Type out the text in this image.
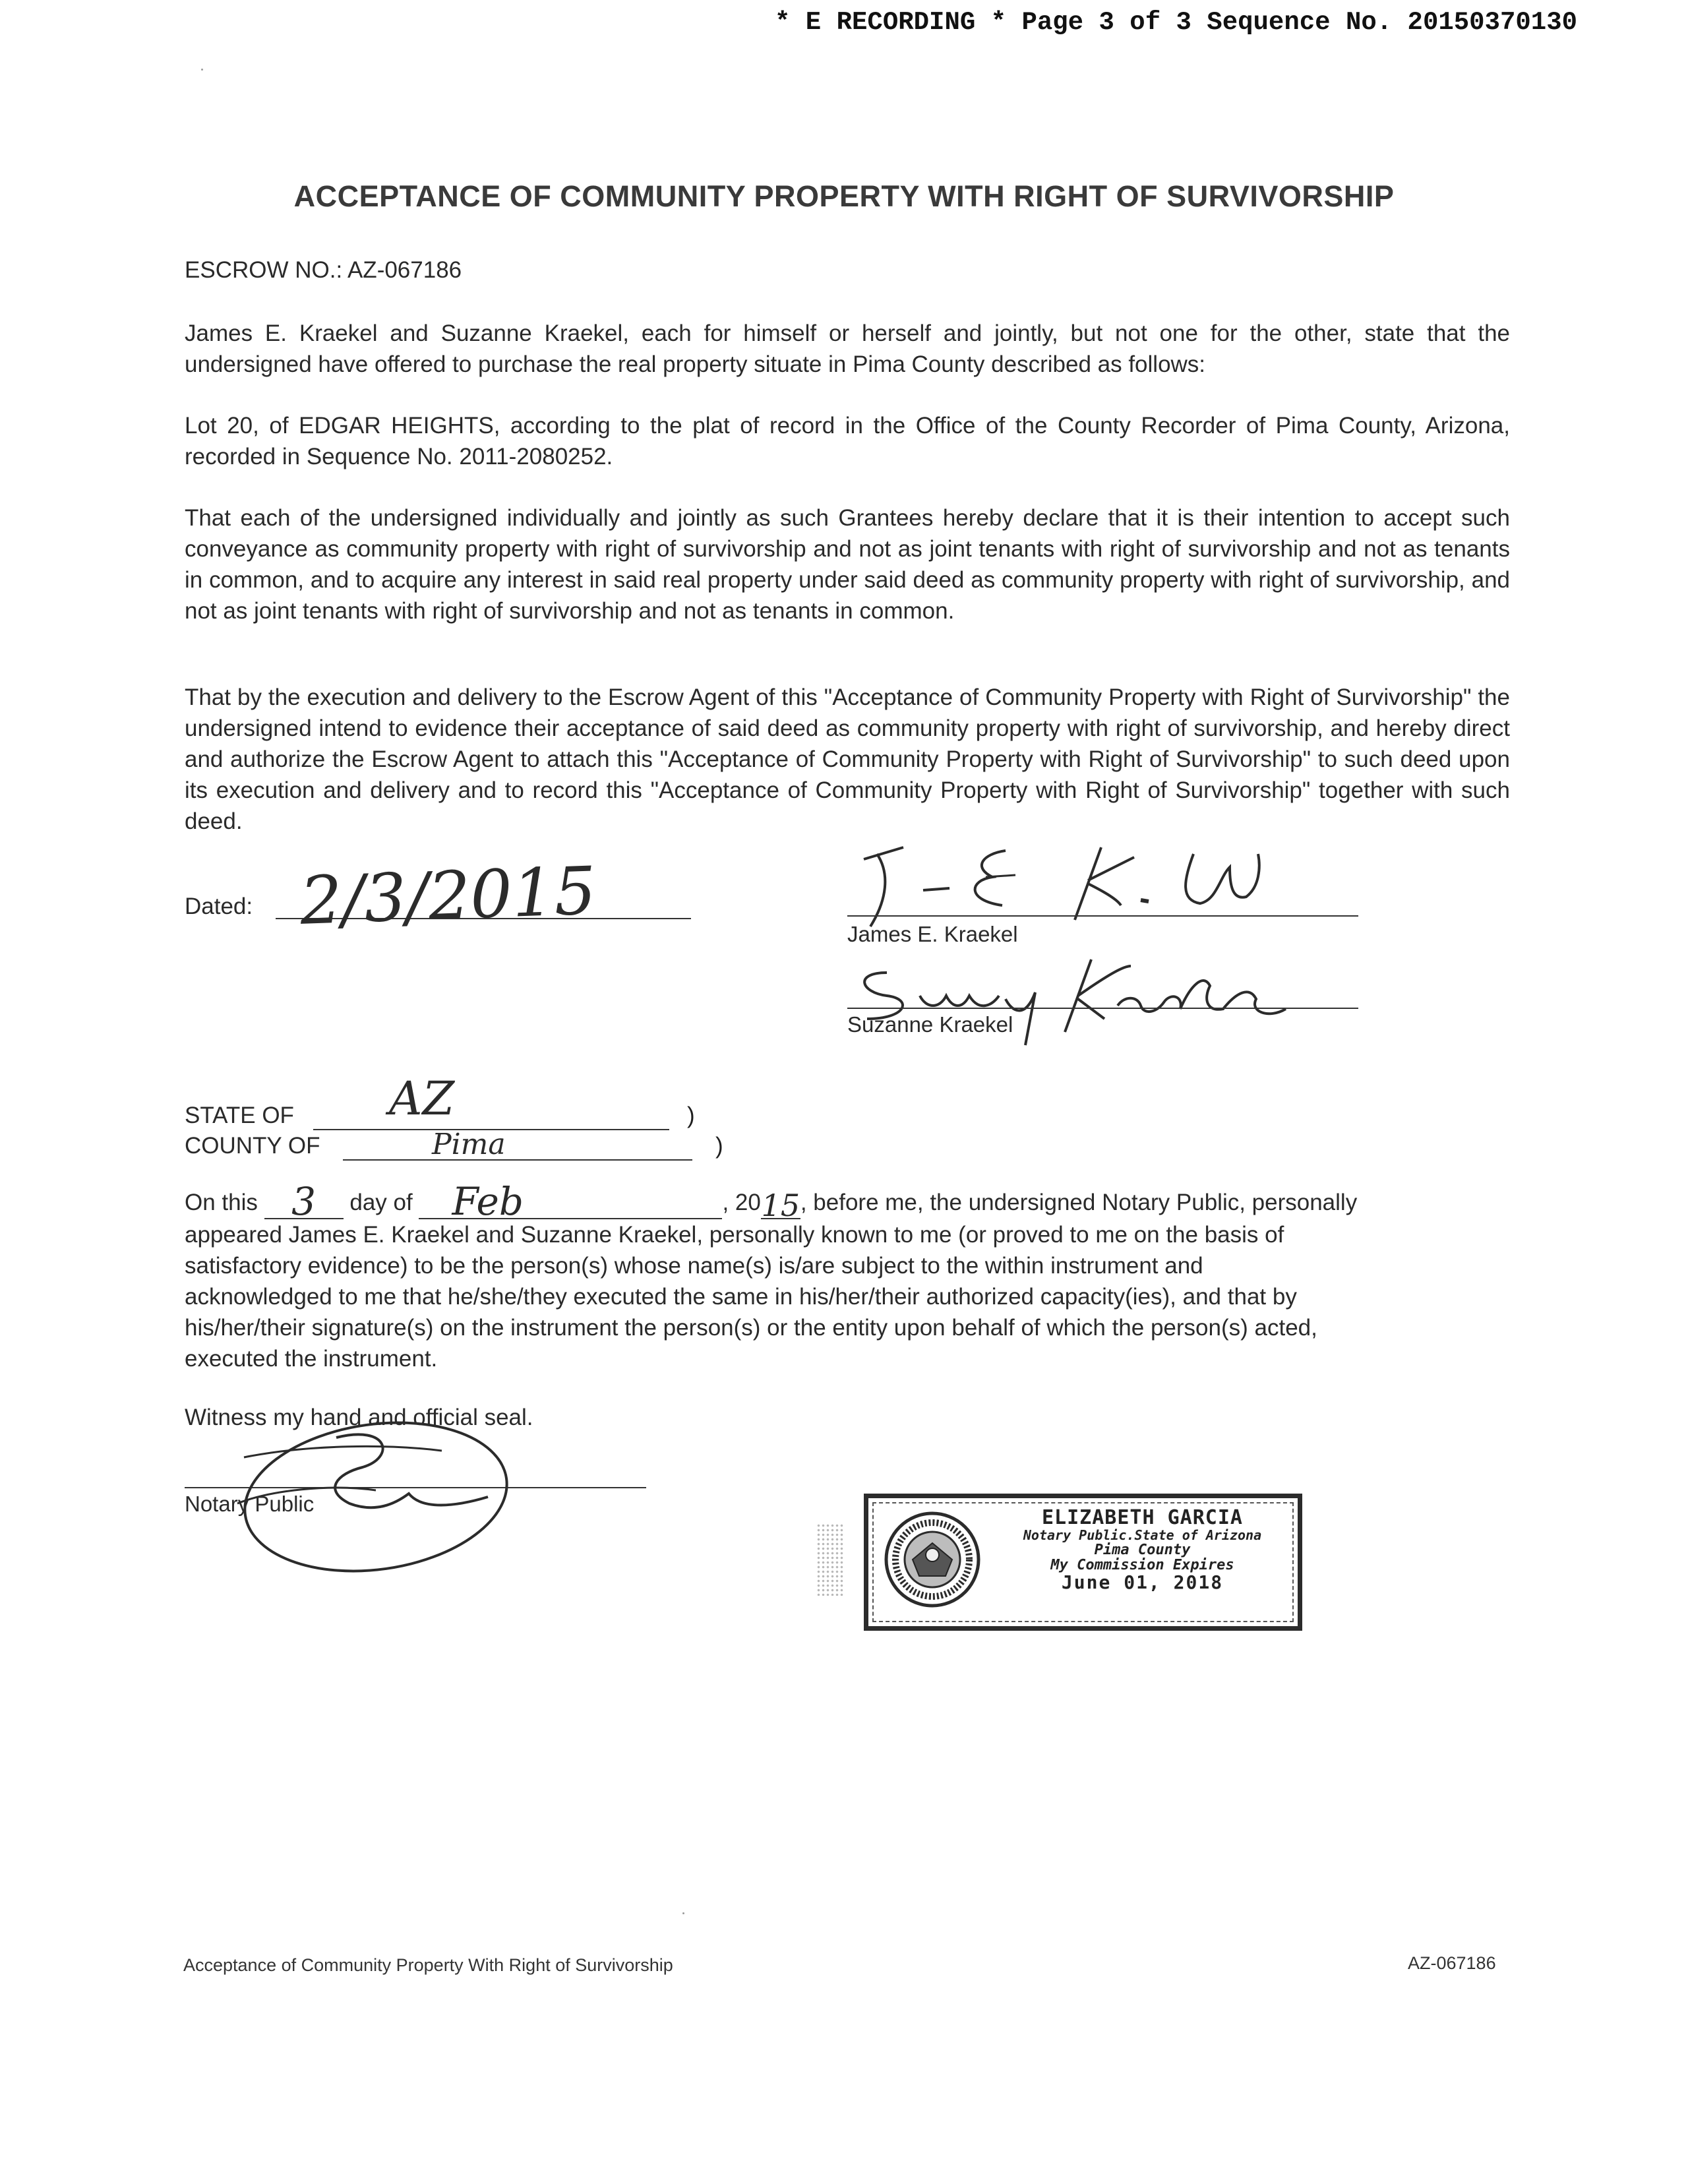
* E RECORDING * Page 3 of 3 Sequence No. 20150370130
ACCEPTANCE OF COMMUNITY PROPERTY WITH RIGHT OF SURVIVORSHIP
ESCROW NO.: AZ-067186
James E. Kraekel and Suzanne Kraekel, each for himself or herself and jointly, but not one for the other, state that the undersigned have offered to purchase the real property situate in Pima County described as follows:
Lot 20, of EDGAR HEIGHTS, according to the plat of record in the Office of the County Recorder of Pima County, Arizona, recorded in Sequence No. 2011-2080252.
That each of the undersigned individually and jointly as such Grantees hereby declare that it is their intention to accept such conveyance as community property with right of survivorship and not as joint tenants with right of survivorship and not as tenants in common, and to acquire any interest in said real property under said deed as community property with right of survivorship, and not as joint tenants with right of survivorship and not as tenants in common.
That by the execution and delivery to the Escrow Agent of this "Acceptance of Community Property with Right of Survivorship" the undersigned intend to evidence their acceptance of said deed as community property with right of survivorship, and hereby direct and authorize the Escrow Agent to attach this "Acceptance of Community Property with Right of Survivorship" to such deed upon its execution and delivery and to record this "Acceptance of Community Property with Right of Survivorship" together with such deed.
Dated: 2/3/2015	James E. Kraekel
Suzanne Kraekel
STATE OF AZ	)
COUNTY OF	Pima	)
On this 3	day of	Feb	, 20 15 , before me, the undersigned Notary Public, personally
appeared James E. Kraekel and Suzanne Kraekel, personally known to me (or proved to me on the basis of
satisfactory evidence) to be the person(s) whose name(s) is/are subject to the within instrument and
acknowledged to me that he/she/they executed the same in his/her/their authorized capacity(ies), and that by
his/her/their signature(s) on the instrument the person(s) or the entity upon behalf of which the person(s) acted,
executed the instrument.
Witness my hand and official seal.
Notary Public
ELIZABETH GARCIA
Notary Public.State of Arizona
Pima County
My Commission Expires
June 01, 2018
Acceptance of Community Property With Right of Survivorship	AZ-067186
